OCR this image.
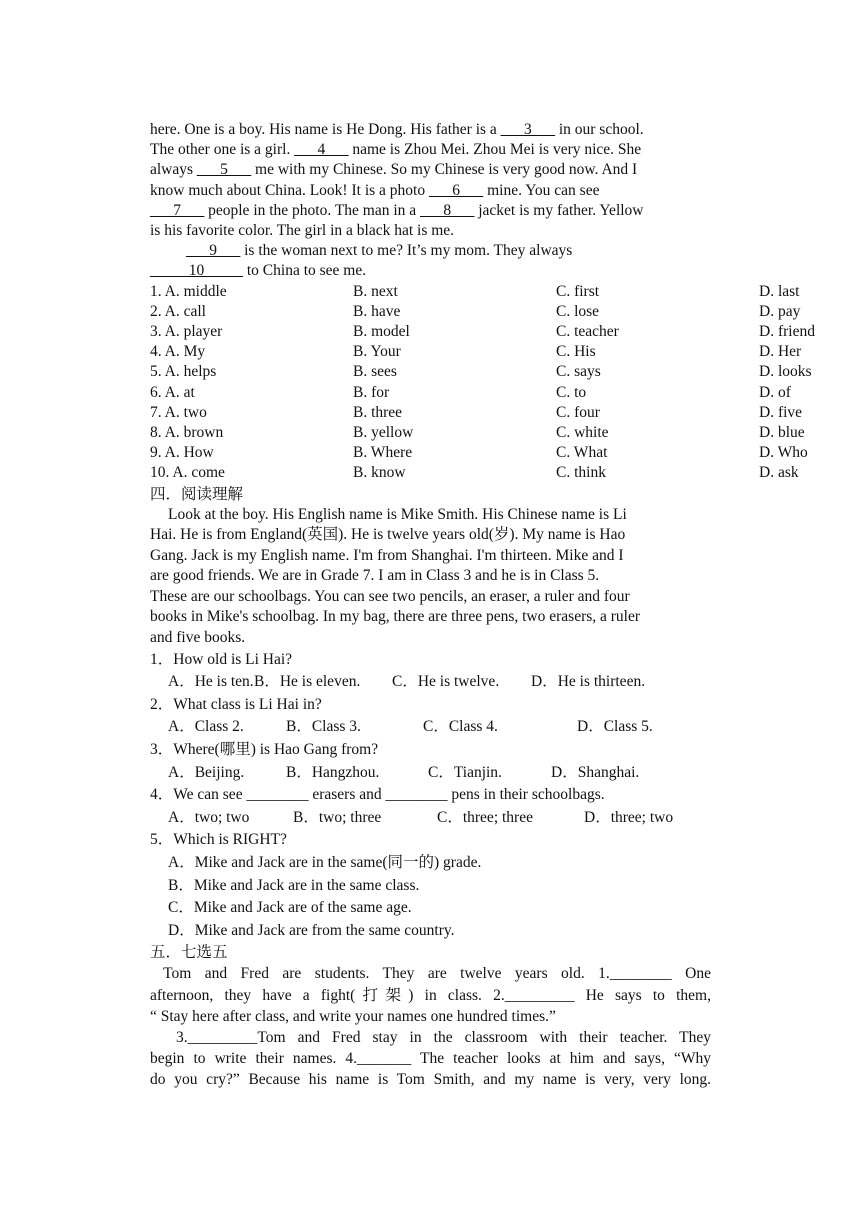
here. One is a boy. His name is He Dong. His father is a ___3___ in our school.

The other one is a girl. ___4___ name is Zhou Mei. Zhou Mei is very nice. She

always ___5___ me with my Chinese. So my Chinese is very good now. And I

know much about China. Look! It is a photo ___6___ mine. You can see

___7___ people in the photo. The man in a ___8___ jacket is my father. Yellow

is his favorite color. The girl in a black hat is me.

___9___ is the woman next to me? It’s my mom. They always

_____10_____ to China to see me.

1. A. middle	B. next	C. first	D. last
2. A. call	B. have	C. lose	D. pay
3. A. player	B. model	C. teacher	D. friend
4. A. My	B. Your	C. His	D. Her
5. A. helps	B. sees	C. says	D. looks
6. A. at	B. for	C. to	D. of
7. A. two	B. three	C. four	D. five
8. A. brown	B. yellow	C. white	D. blue
9. A. How	B. Where	C. What	D. Who
10. A. come	B. know	C. think	D. ask

四．阅读理解

Look at the boy. His English name is Mike Smith. His Chinese name is Li

Hai. He is from England(英国). He is twelve years old(岁). My name is Hao

Gang. Jack is my English name. I'm from Shanghai. I'm thirteen. Mike and I

are good friends. We are in Grade 7. I am in Class 3 and he is in Class 5.

These are our schoolbags. You can see two pencils, an eraser, a ruler and four

books in Mike's schoolbag. In my bag, there are three pens, two erasers, a ruler

and five books.

1．How old is Li Hai?

A．He is ten.B．He is eleven. C．He is twelve. D．He is thirteen.

2．What class is Li Hai in?

A．Class 2.	B．Class 3.	C．Class 4.	D．Class 5.

3．Where(哪里) is Hao Gang from?

A．Beijing.	B．Hangzhou.	C．Tianjin.	D．Shanghai.

4．We can see ________ erasers and ________ pens in their schoolbags.

A．two; two	B．two; three	C．three; three	D．three; two

5．Which is RIGHT?

A．Mike and Jack are in the same(同一的) grade.

B．Mike and Jack are in the same class.

C．Mike and Jack are of the same age.

D．Mike and Jack are from the same country.

五．七选五

Tom and Fred are students. They are twelve years old. 1.________ One

afternoon, they have a fight(打架) in class. 2._________ He says to them,

“ Stay here after class, and write your names one hundred times.”

3._________Tom and Fred stay in the classroom with their teacher. They

begin to write their names. 4._______ The teacher looks at him and says, “Why

do you cry?” Because his name is Tom Smith, and my name is very, very long.
